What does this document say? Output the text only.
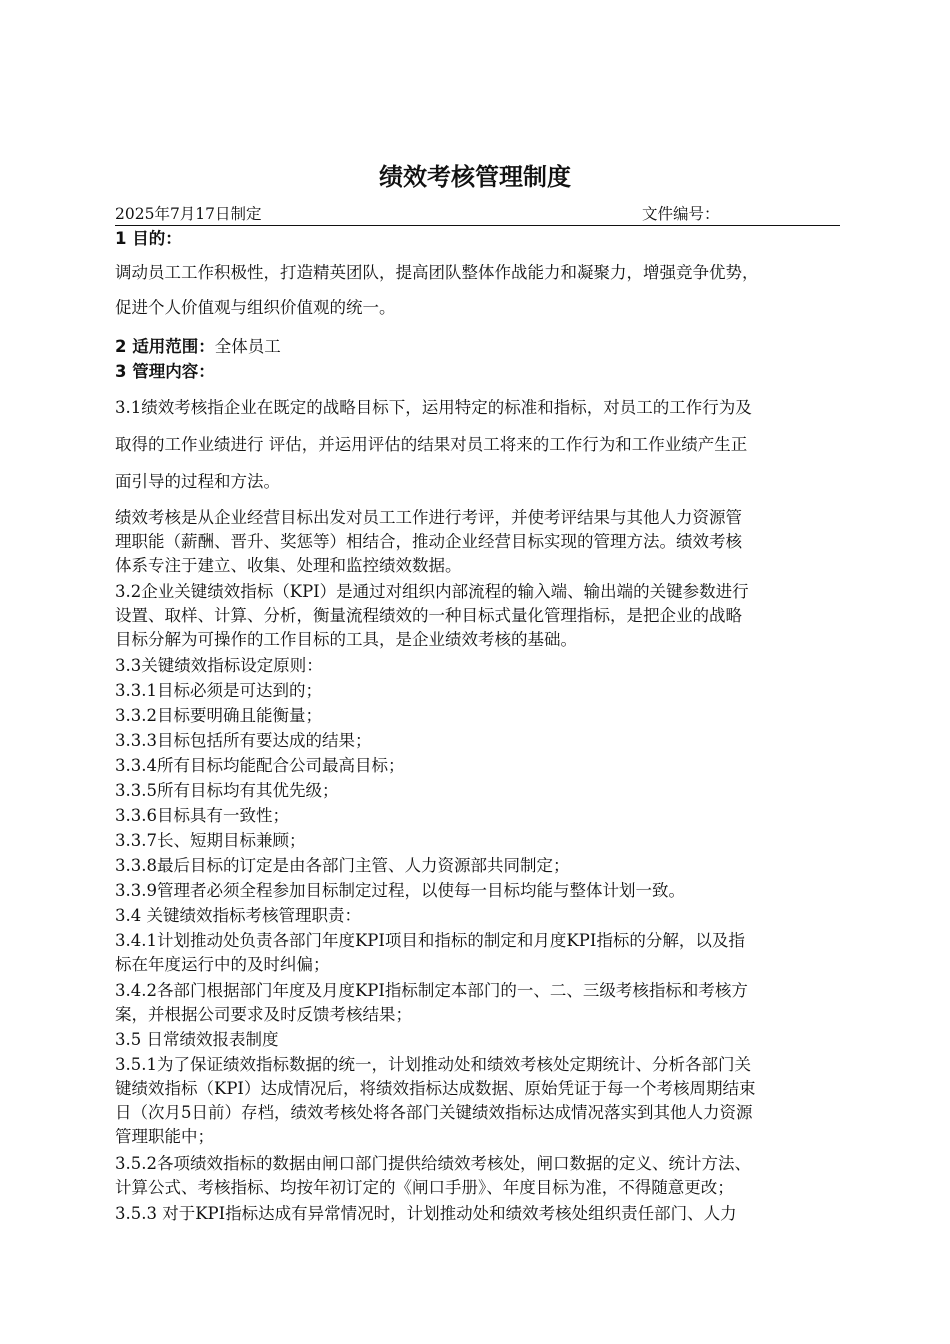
绩效考核管理制度
2025年7月17日制定	文件编号：
1 目的：
调动员工工作积极性，打造精英团队，提高团队整体作战能力和凝聚力，增强竞争优势，
促进个人价值观与组织价值观的统一。
2 适用范围：全体员工
3 管理内容：
3.1绩效考核指企业在既定的战略目标下，运用特定的标准和指标，对员工的工作行为及
取得的工作业绩进行 评估，并运用评估的结果对员工将来的工作行为和工作业绩产生正
面引导的过程和方法。
绩效考核是从企业经营目标出发对员工工作进行考评，并使考评结果与其他人力资源管
理职能（薪酬、晋升、奖惩等）相结合，推动企业经营目标实现的管理方法。绩效考核
体系专注于建立、收集、处理和监控绩效数据。
3.2企业关键绩效指标（KPI）是通过对组织内部流程的输入端、输出端的关键参数进行
设置、取样、计算、分析，衡量流程绩效的一种目标式量化管理指标，是把企业的战略
目标分解为可操作的工作目标的工具，是企业绩效考核的基础。
3.3关键绩效指标设定原则：
3.3.1目标必须是可达到的；
3.3.2目标要明确且能衡量；
3.3.3目标包括所有要达成的结果；
3.3.4所有目标均能配合公司最高目标；
3.3.5所有目标均有其优先级；
3.3.6目标具有一致性；
3.3.7长、短期目标兼顾；
3.3.8最后目标的订定是由各部门主管、人力资源部共同制定；
3.3.9管理者必须全程参加目标制定过程，以使每一目标均能与整体计划一致。
3.4 关键绩效指标考核管理职责：
3.4.1计划推动处负责各部门年度KPI项目和指标的制定和月度KPI指标的分解，以及指
标在年度运行中的及时纠偏；
3.4.2各部门根据部门年度及月度KPI指标制定本部门的一、二、三级考核指标和考核方
案，并根据公司要求及时反馈考核结果；
3.5 日常绩效报表制度
3.5.1为了保证绩效指标数据的统一，计划推动处和绩效考核处定期统计、分析各部门关
键绩效指标（KPI）达成情况后，将绩效指标达成数据、原始凭证于每一个考核周期结束
日（次月5日前）存档，绩效考核处将各部门关键绩效指标达成情况落实到其他人力资源
管理职能中；
3.5.2各项绩效指标的数据由闸口部门提供给绩效考核处，闸口数据的定义、统计方法、
计算公式、考核指标、均按年初订定的《闸口手册》、年度目标为准，不得随意更改；
3.5.3 对于KPI指标达成有异常情况时，计划推动处和绩效考核处组织责任部门、人力
